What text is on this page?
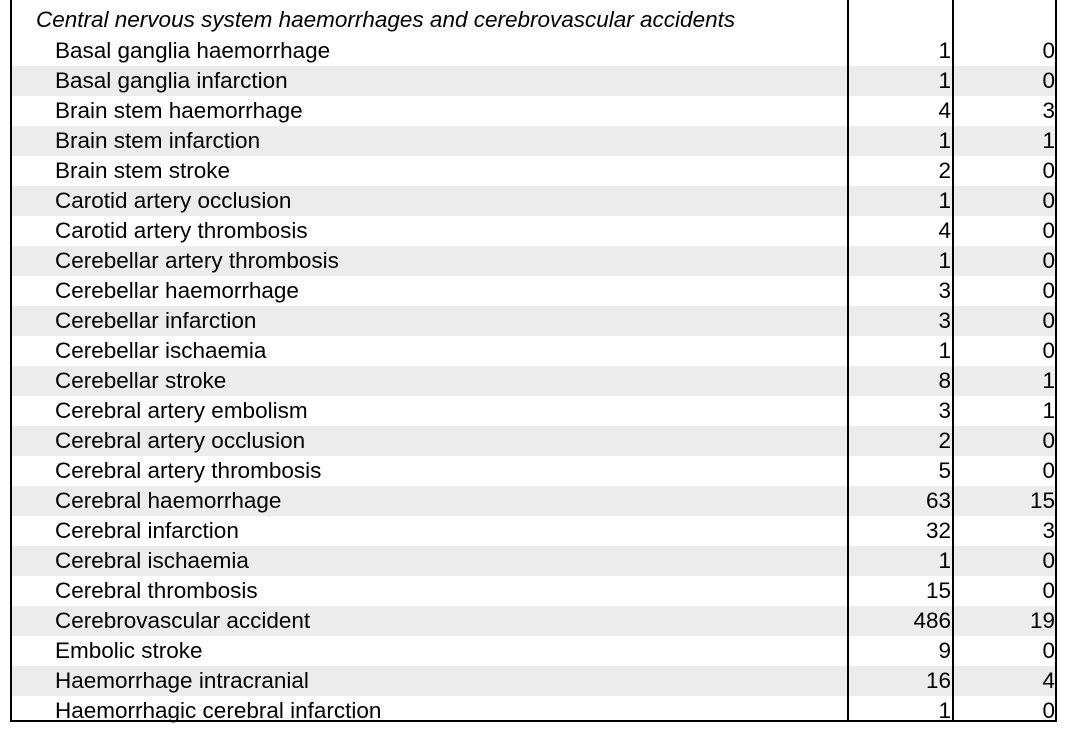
Central nervous system haemorrhages and cerebrovascular accidents
Basal ganglia haemorrhage	1	0
Basal ganglia infarction	1	0
Brain stem haemorrhage	4	3
Brain stem infarction	1	1
Brain stem stroke	2	0
Carotid artery occlusion	1	0
Carotid artery thrombosis	4	0
Cerebellar artery thrombosis	1	0
Cerebellar haemorrhage	3	0
Cerebellar infarction	3	0
Cerebellar ischaemia	1	0
Cerebellar stroke	8	1
Cerebral artery embolism	3	1
Cerebral artery occlusion	2	0
Cerebral artery thrombosis	5	0
Cerebral haemorrhage	63	15
Cerebral infarction	32	3
Cerebral ischaemia	1	0
Cerebral thrombosis	15	0
Cerebrovascular accident	486	19
Embolic stroke	9	0
Haemorrhage intracranial	16	4
Haemorrhagic cerebral infarction	1	0
